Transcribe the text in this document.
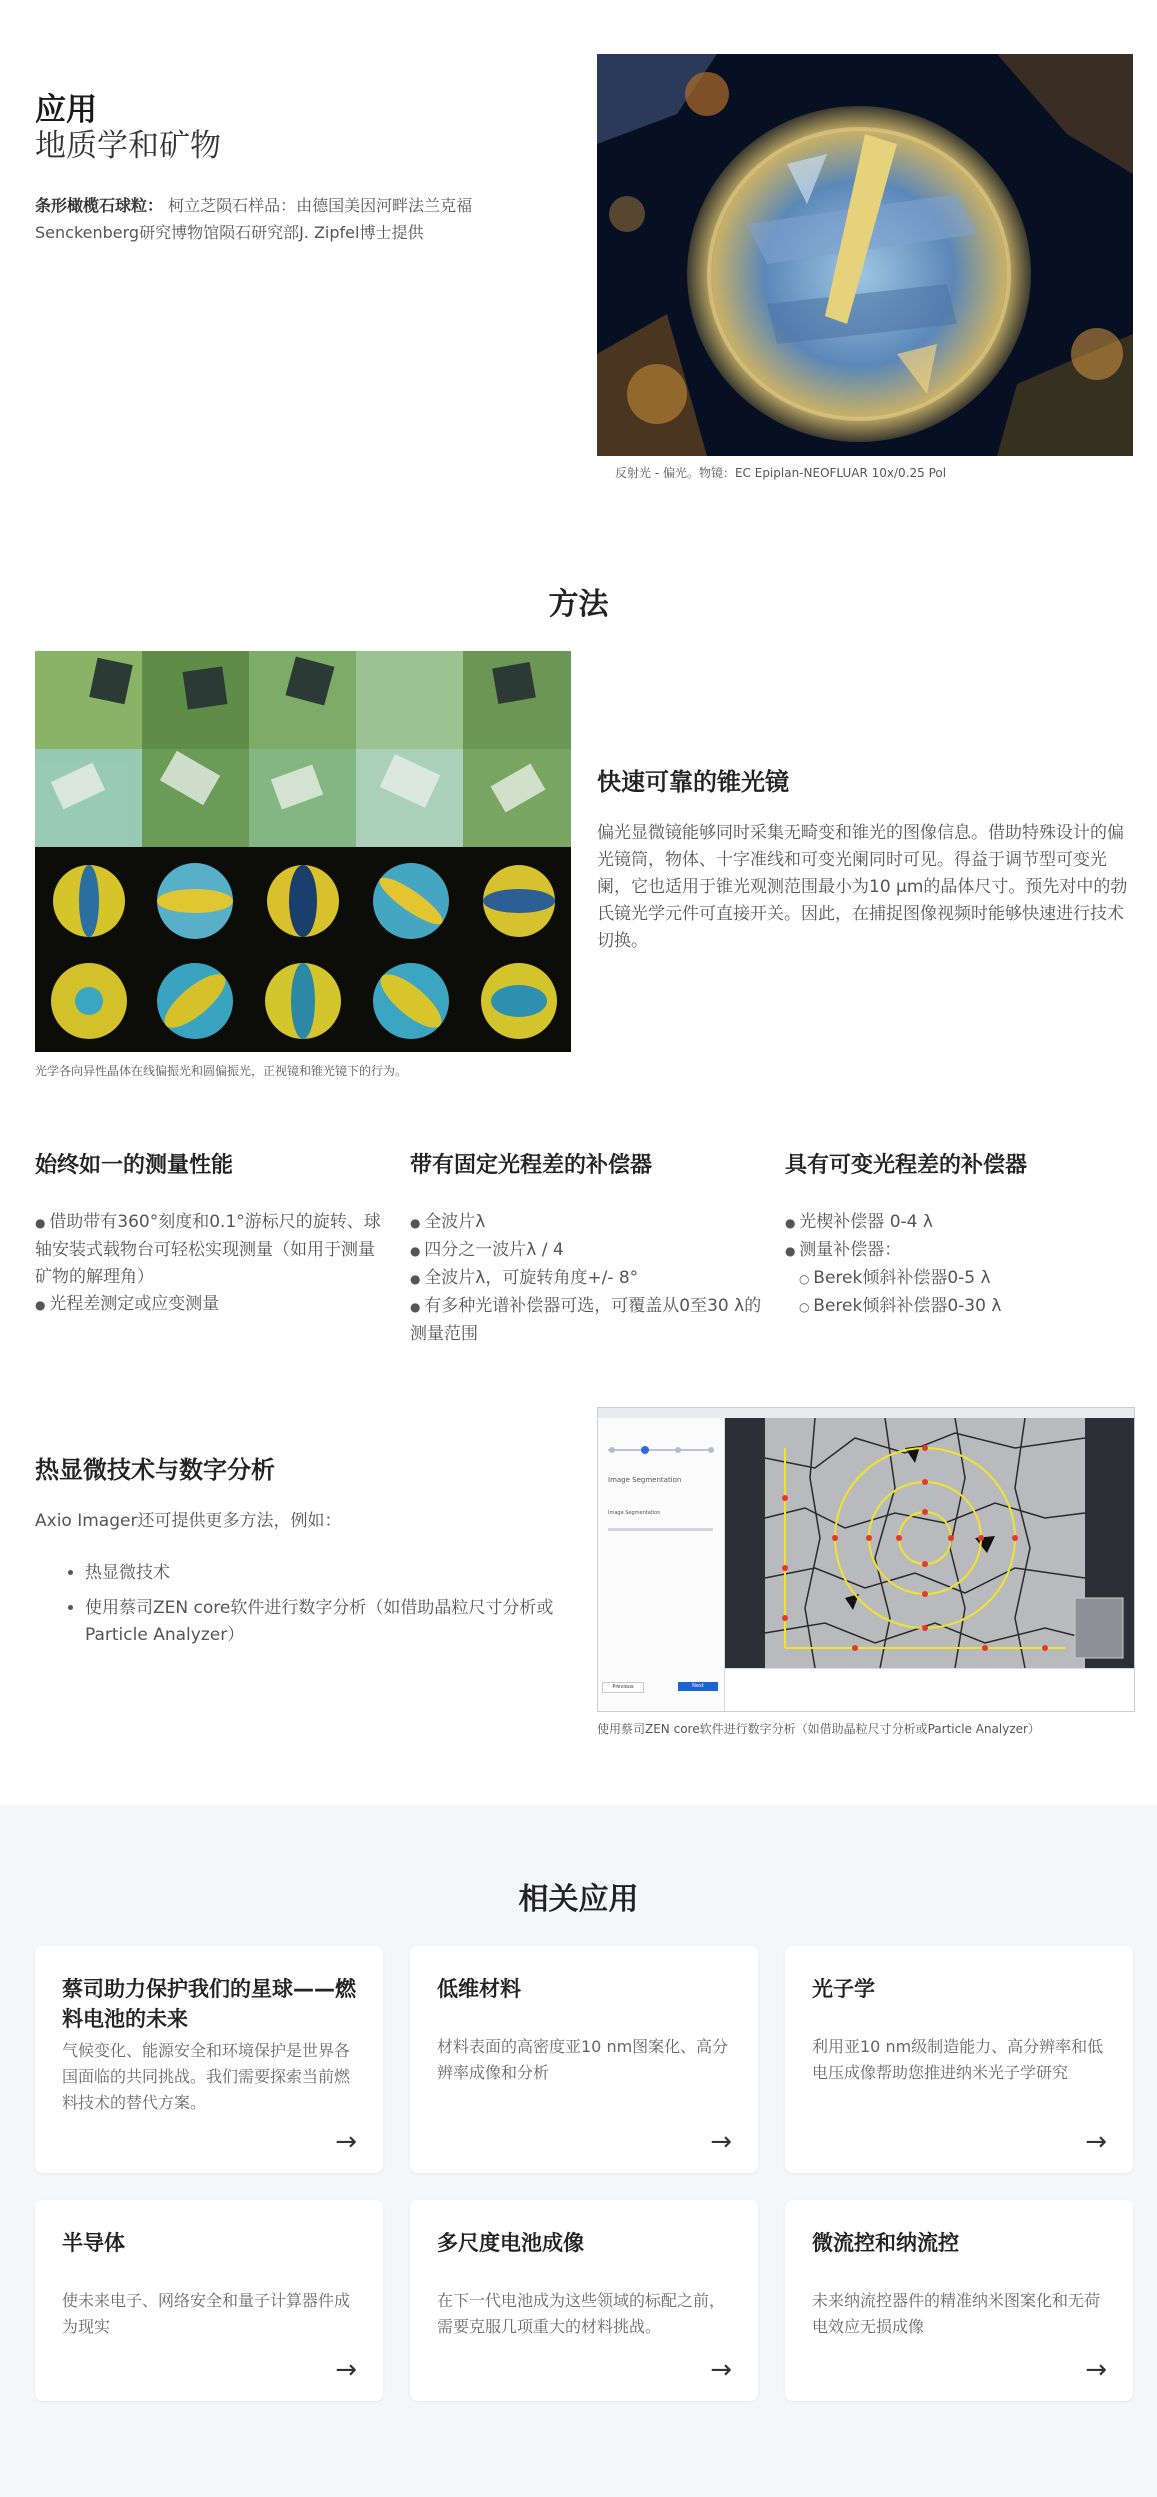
应用
地质学和矿物
条形橄榄石球粒： 柯立芝陨石样品：由德国美因河畔法兰克福Senckenberg研究博物馆陨石研究部J. Zipfel博士提供
反射光 - 偏光。物镜：EC Epiplan-NEOFLUAR 10x/0.25 Pol
方法
光学各向异性晶体在线偏振光和圆偏振光，正视镜和锥光镜下的行为。
快速可靠的锥光镜
偏光显微镜能够同时采集无畸变和锥光的图像信息。借助特殊设计的偏光镜筒，物体、十字准线和可变光阑同时可见。得益于调节型可变光阑，它也适用于锥光观测范围最小为10 μm的晶体尺寸。预先对中的勃氏镜光学元件可直接开关。因此，在捕捉图像视频时能够快速进行技术切换。
始终如一的测量性能
● 借助带有360°刻度和0.1°游标尺的旋转、球轴安装式载物台可轻松实现测量（如用于测量矿物的解理角）
● 光程差测定或应变测量
带有固定光程差的补偿器
● 全波片λ
● 四分之一波片λ / 4
● 全波片λ，可旋转角度+/- 8°
● 有多种光谱补偿器可选，可覆盖从0至30 λ的测量范围
具有可变光程差的补偿器
● 光楔补偿器 0-4 λ
● 测量补偿器：
○ Berek倾斜补偿器0-5 λ
○ Berek倾斜补偿器0-30 λ
热显微技术与数字分析
Axio Imager还可提供更多方法，例如：
• 热显微技术
• 使用蔡司ZEN core软件进行数字分析（如借助晶粒尺寸分析或Particle Analyzer）
Image Segmentation
Image Segmentation
Previous	Next
使用蔡司ZEN core软件进行数字分析（如借助晶粒尺寸分析或Particle Analyzer）
相关应用
蔡司助力保护我们的星球——燃料电池的未来
气候变化、能源安全和环境保护是世界各国面临的共同挑战。我们需要探索当前燃料技术的替代方案。
→
低维材料
材料表面的高密度亚10 nm图案化、高分辨率成像和分析
→
光子学
利用亚10 nm级制造能力、高分辨率和低电压成像帮助您推进纳米光子学研究
→
半导体
使未来电子、网络安全和量子计算器件成为现实
→
多尺度电池成像
在下一代电池成为这些领域的标配之前，需要克服几项重大的材料挑战。
→
微流控和纳流控
未来纳流控器件的精准纳米图案化和无荷电效应无损成像
→
